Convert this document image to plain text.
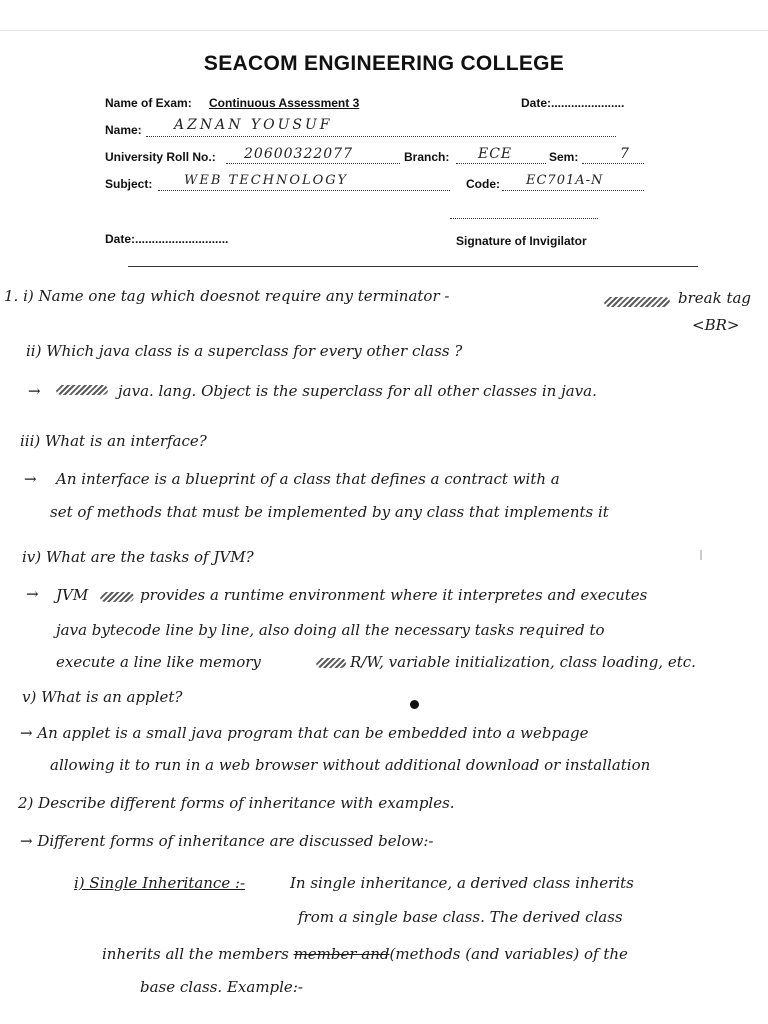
SEACOM ENGINEERING COLLEGE
Name of Exam: Continuous Assessment 3	Date:......................
Name: AZNAN YOUSUF
University Roll No.: 20600322077	Branch: ECE	Sem:	7
Subject: WEB TECHNOLOGY	Code: EC701A-N
Date:............................	Signature of Invigilator
1. i) Name one tag which doesnot require any terminator -	break tag
<BR>
ii) Which java class is a superclass for every other class ?
→	java. lang. Object is the superclass for all other classes in java.
iii) What is an interface?
→ An interface is a blueprint of a class that defines a contract with a
set of methods that must be implemented by any class that implements it
iv) What are the tasks of JVM?
→ JVM	provides a runtime environment where it interpretes and executes
java bytecode line by line, also doing all the necessary tasks required to
execute a line like memory	R/W, variable initialization, class loading, etc.
v) What is an applet?
→ An applet is a small java program that can be embedded into a webpage
allowing it to run in a web browser without additional download or installation
2) Describe different forms of inheritance with examples.
→ Different forms of inheritance are discussed below:-
i) Single Inheritance :-	In single inheritance, a derived class inherits
from a single base class. The derived class
inherits all the members member and(methods (and variables) of the
base class. Example:-
